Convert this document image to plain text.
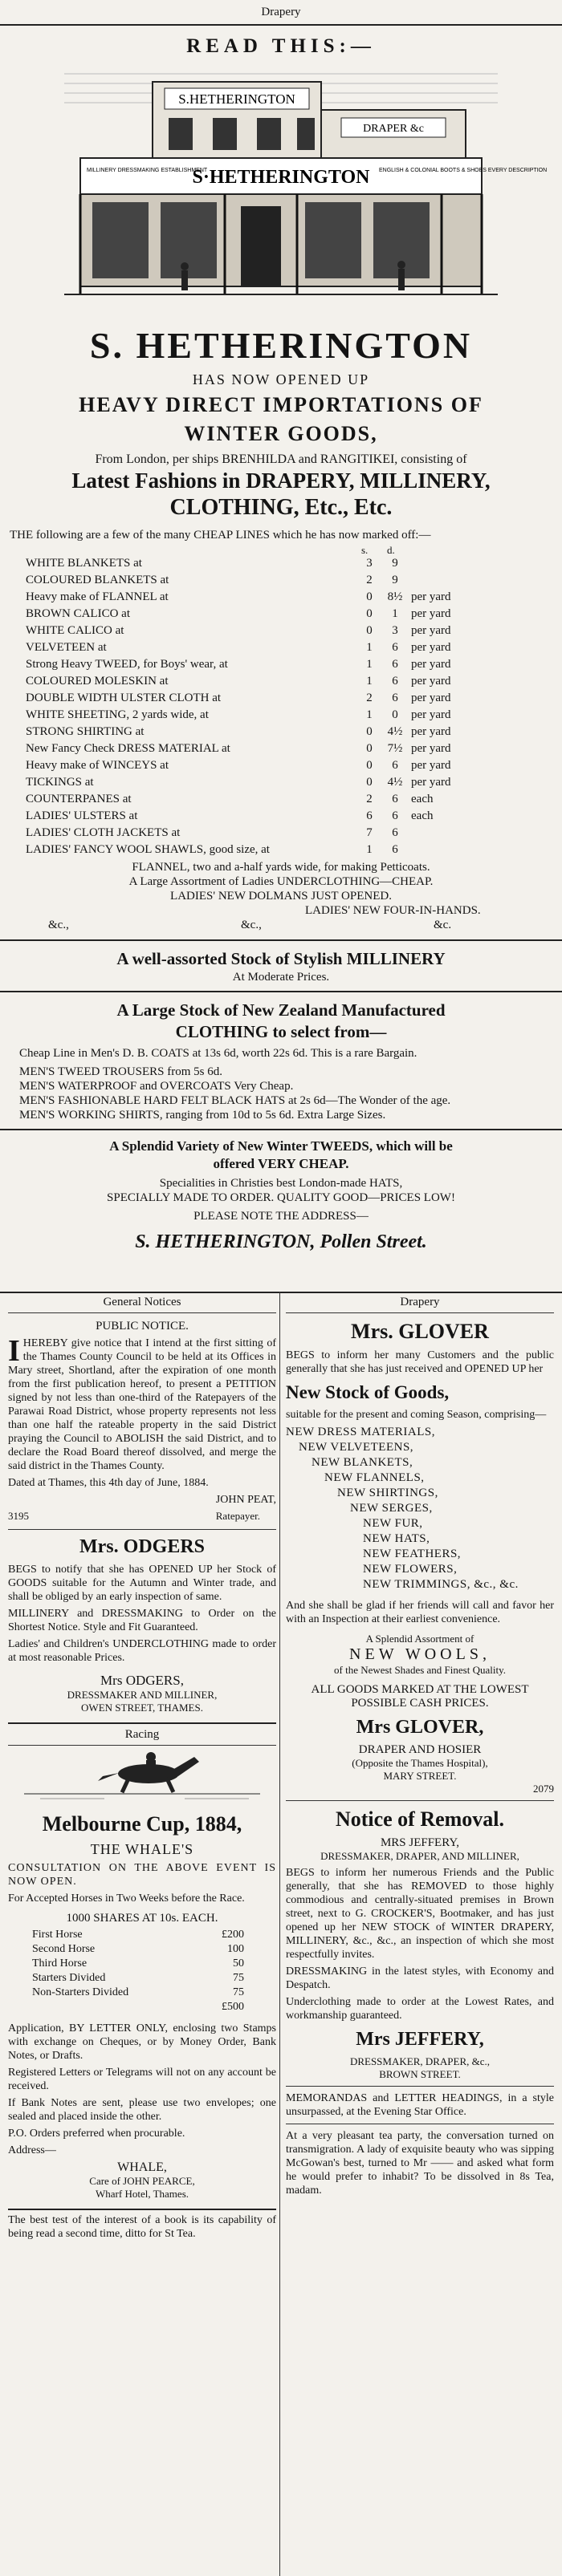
Drapery
READ THIS:—
S.HETHERINGTON
DRAPER &c
S·HETHERINGTON
MILLINERY DRESSMAKING ESTABLISHMENT	ENGLISH & COLONIAL BOOTS & SHOES EVERY DESCRIPTION
S. HETHERINGTON
HAS NOW OPENED UP
HEAVY DIRECT IMPORTATIONS OF
WINTER GOODS,
From London, per ships BRENHILDA and RANGITIKEI, consisting of
Latest Fashions in DRAPERY, MILLINERY,
CLOTHING, Etc., Etc.
THE following are a few of the many CHEAP LINES which he has now marked off:—
s. d.
WHITE BLANKETS at	3	9
COLOURED BLANKETS at	2	9
Heavy make of FLANNEL at	0	8½ per yard
BROWN CALICO at	0	1	per yard
WHITE CALICO at	0	3	per yard
VELVETEEN at	1	6	per yard
Strong Heavy TWEED, for Boys' wear, at	1	6	per yard
COLOURED MOLESKIN at	1	6	per yard
DOUBLE WIDTH ULSTER CLOTH at	2	6	per yard
WHITE SHEETING, 2 yards wide, at	1	0	per yard
STRONG SHIRTING at	0	4½ per yard
New Fancy Check DRESS MATERIAL at	0	7½ per yard
Heavy make of WINCEYS at	0	6	per yard
TICKINGS at	0	4½ per yard
COUNTERPANES at	2	6	each
LADIES' ULSTERS at	6	6	each
LADIES' CLOTH JACKETS at	7	6
LADIES' FANCY WOOL SHAWLS, good size, at	1	6
FLANNEL, two and a-half yards wide, for making Petticoats.
A Large Assortment of Ladies UNDERCLOTHING—CHEAP.
LADIES' NEW DOLMANS JUST OPENED.
LADIES' NEW FOUR-IN-HANDS.
&c.,	&c.,	&c.
A well-assorted Stock of Stylish MILLINERY
At Moderate Prices.
A Large Stock of New Zealand Manufactured
CLOTHING to select from—
Cheap Line in Men's D. B. COATS at 13s 6d, worth 22s 6d. This is a rare Bargain.
MEN'S TWEED TROUSERS from 5s 6d.
MEN'S WATERPROOF and OVERCOATS Very Cheap.
MEN'S FASHIONABLE HARD FELT BLACK HATS at 2s 6d—The Wonder of the age.
MEN'S WORKING SHIRTS, ranging from 10d to 5s 6d. Extra Large Sizes.
A Splendid Variety of New Winter TWEEDS, which will be
offered VERY CHEAP.
Specialities in Christies best London-made HATS,
SPECIALLY MADE TO ORDER. QUALITY GOOD—PRICES LOW!
PLEASE NOTE THE ADDRESS—
S. HETHERINGTON, Pollen Street.
General Notices
PUBLIC NOTICE.
IHEREBY give notice that I intend at the first sitting of the Thames County Council to be held at its Offices in Mary street, Shortland, after the expiration of one month from the first publication hereof, to present a PETITION signed by not less than one-third of the Ratepayers of the Parawai Road District, whose property represents not less than one half the rateable property in the said District praying the Council to ABOLISH the said District, and to declare the Road Board thereof dissolved, and merge the said district in the Thames County.
Dated at Thames, this 4th day of June, 1884.
JOHN PEAT,
3195	Ratepayer.
Mrs. ODGERS
BEGS to notify that she has OPENED UP her Stock of GOODS suitable for the Autumn and Winter trade, and shall be obliged by an early inspection of same.
MILLINERY and DRESSMAKING to Order on the Shortest Notice. Style and Fit Guaranteed.
Ladies' and Children's UNDERCLOTHING made to order at most reasonable Prices.
Mrs ODGERS,
DRESSMAKER AND MILLINER,
OWEN STREET, THAMES.
Racing
Melbourne Cup, 1884,
THE WHALE'S
CONSULTATION ON THE ABOVE EVENT IS NOW OPEN.
For Accepted Horses in Two Weeks before the Race.
1000 SHARES AT 10s. EACH.
First Horse	£200
Second Horse	100
Third Horse	50
Starters Divided	75
Non-Starters Divided	75
£500
Application, BY LETTER ONLY, enclosing two Stamps with exchange on Cheques, or by Money Order, Bank Notes, or Drafts.
Registered Letters or Telegrams will not on any account be received.
If Bank Notes are sent, please use two envelopes; one sealed and placed inside the other.
P.O. Orders preferred when procurable.
Address—
WHALE,
Care of JOHN PEARCE,
Wharf Hotel, Thames.
The best test of the interest of a book is its capability of being read a second time, ditto for St Tea.
Drapery
Mrs. GLOVER
BEGS to inform her many Customers and the public generally that she has just received and OPENED UP her
New Stock of Goods,
suitable for the present and coming Season, comprising—
NEW DRESS MATERIALS,
NEW VELVETEENS,
NEW BLANKETS,
NEW FLANNELS,
NEW SHIRTINGS,
NEW SERGES,
NEW FUR,
NEW HATS,
NEW FEATHERS,
NEW FLOWERS,
NEW TRIMMINGS, &c., &c.
And she shall be glad if her friends will call and favor her with an Inspection at their earliest convenience.
A Splendid Assortment of
NEW WOOLS,
of the Newest Shades and Finest Quality.
ALL GOODS MARKED AT THE LOWEST POSSIBLE CASH PRICES.
Mrs GLOVER,
DRAPER AND HOSIER
(Opposite the Thames Hospital),
MARY STREET.
2079
Notice of Removal.
MRS JEFFERY,
DRESSMAKER, DRAPER, AND MILLINER,
BEGS to inform her numerous Friends and the Public generally, that she has REMOVED to those highly commodious and centrally-situated premises in Brown street, next to G. CROCKER'S, Bootmaker, and has just opened up her NEW STOCK of WINTER DRAPERY, MILLINERY, &c., &c., an inspection of which she most respectfully invites.
DRESSMAKING in the latest styles, with Economy and Despatch.
Underclothing made to order at the Lowest Rates, and workmanship guaranteed.
Mrs JEFFERY,
DRESSMAKER, DRAPER, &c.,
BROWN STREET.
MEMORANDAS and LETTER HEADINGS, in a style unsurpassed, at the Evening Star Office.
At a very pleasant tea party, the conversation turned on transmigration. A lady of exquisite beauty who was sipping McGowan's best, turned to Mr —— and asked what form he would prefer to inhabit? To be dissolved in 8s Tea, madam.
